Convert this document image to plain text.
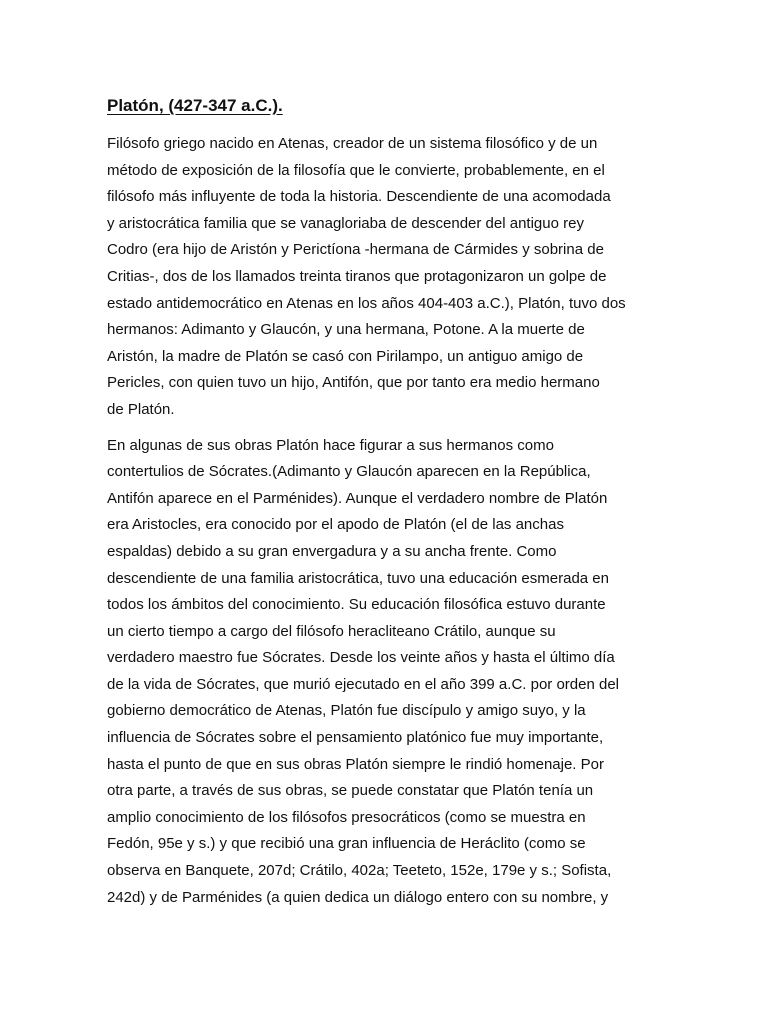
Platón, (427-347 a.C.).

Filósofo griego nacido en Atenas, creador de un sistema filosófico y de un
método de exposición de la filosofía que le convierte, probablemente, en el
filósofo más influyente de toda la historia. Descendiente de una acomodada
y aristocrática familia que se vanagloriaba de descender del antiguo rey
Codro (era hijo de Aristón y Perictíona -hermana de Cármides y sobrina de
Critias-, dos de los llamados treinta tiranos que protagonizaron un golpe de
estado antidemocrático en Atenas en los años 404-403 a.C.), Platón, tuvo dos
hermanos: Adimanto y Glaucón, y una hermana, Potone. A la muerte de
Aristón, la madre de Platón se casó con Pirilampo, un antiguo amigo de
Pericles, con quien tuvo un hijo, Antifón, que por tanto era medio hermano
de Platón.

En algunas de sus obras Platón hace figurar a sus hermanos como
contertulios de Sócrates.(Adimanto y Glaucón aparecen en la República,
Antifón aparece en el Parménides). Aunque el verdadero nombre de Platón
era Aristocles, era conocido por el apodo de Platón (el de las anchas
espaldas) debido a su gran envergadura y a su ancha frente. Como
descendiente de una familia aristocrática, tuvo una educación esmerada en
todos los ámbitos del conocimiento. Su educación filosófica estuvo durante
un cierto tiempo a cargo del filósofo heracliteano Crátilo, aunque su
verdadero maestro fue Sócrates. Desde los veinte años y hasta el último día
de la vida de Sócrates, que murió ejecutado en el año 399 a.C. por orden del
gobierno democrático de Atenas, Platón fue discípulo y amigo suyo, y la
influencia de Sócrates sobre el pensamiento platónico fue muy importante,
hasta el punto de que en sus obras Platón siempre le rindió homenaje. Por
otra parte, a través de sus obras, se puede constatar que Platón tenía un
amplio conocimiento de los filósofos presocráticos (como se muestra en
Fedón, 95e y s.) y que recibió una gran influencia de Heráclito (como se
observa en Banquete, 207d; Crátilo, 402a; Teeteto, 152e, 179e y s.; Sofista,
242d) y de Parménides (a quien dedica un diálogo entero con su nombre, y
